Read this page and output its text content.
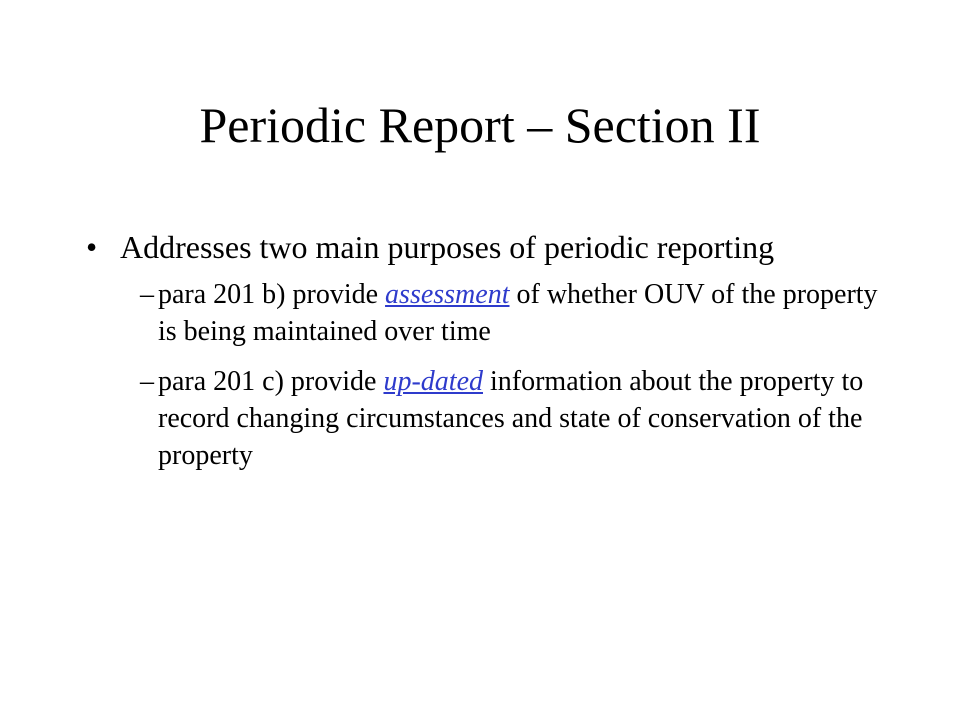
Periodic Report – Section II
• Addresses two main purposes of periodic reporting
– para 201 b) provide assessment of whether OUV of the property is being maintained over time
– para 201 c) provide up-dated information about the property to record changing circumstances and state of conservation of the property
